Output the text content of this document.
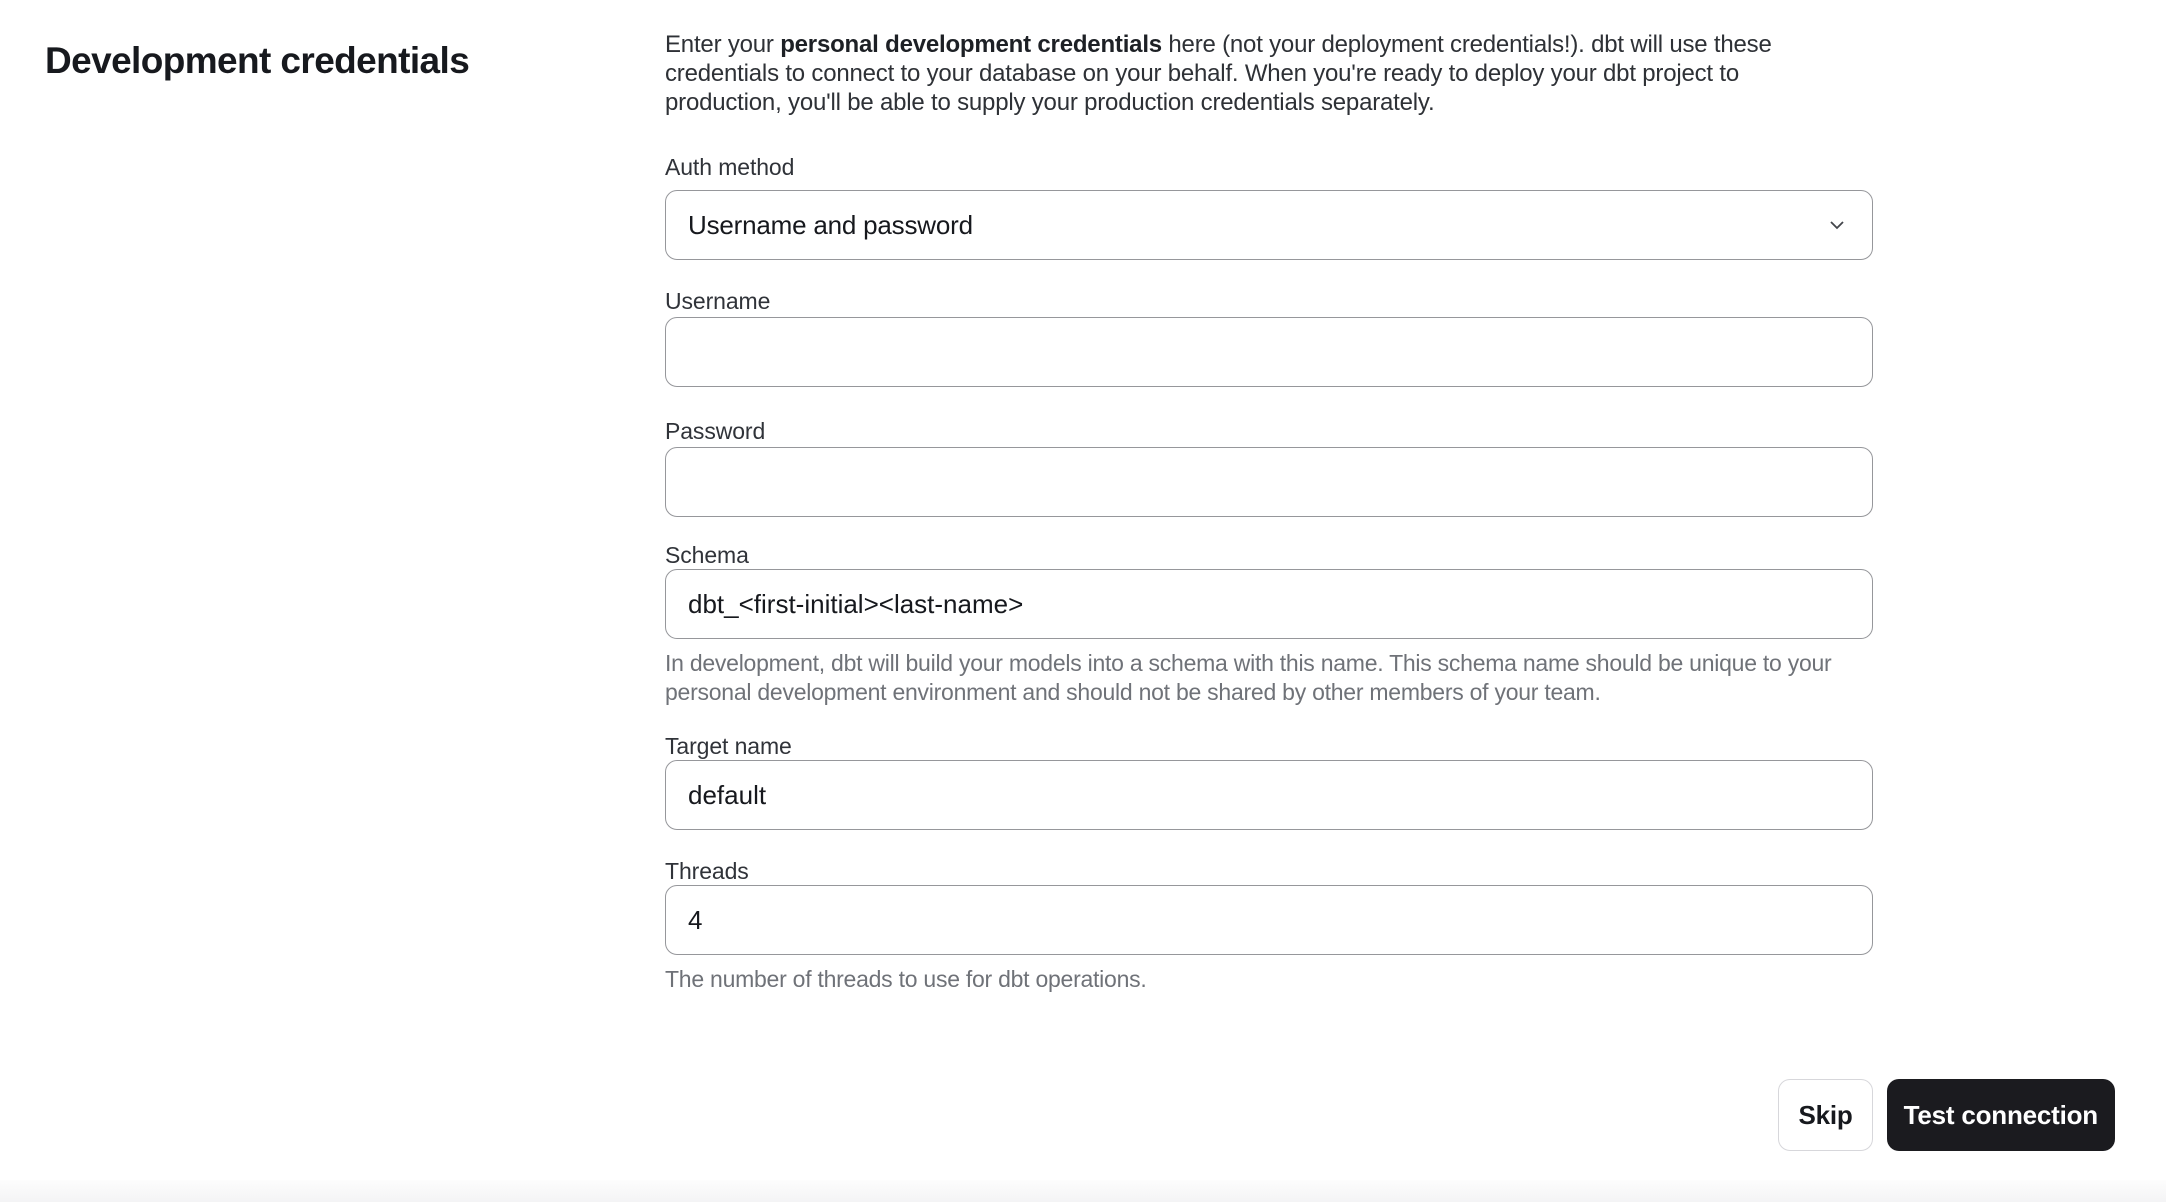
Development credentials	Enter your personal development credentials here (not your deployment credentials!). dbt will use these
credentials to connect to your database on your behalf. When you're ready to deploy your dbt project to
production, you'll be able to supply your production credentials separately.
Auth method
Username and password
Username
Password
Schema
dbt_<first-initial><last-name>
In development, dbt will build your models into a schema with this name. This schema name should be unique to your personal development environment and should not be shared by other members of your team.
Target name
default
Threads
4
The number of threads to use for dbt operations.
Skip	Test connection
